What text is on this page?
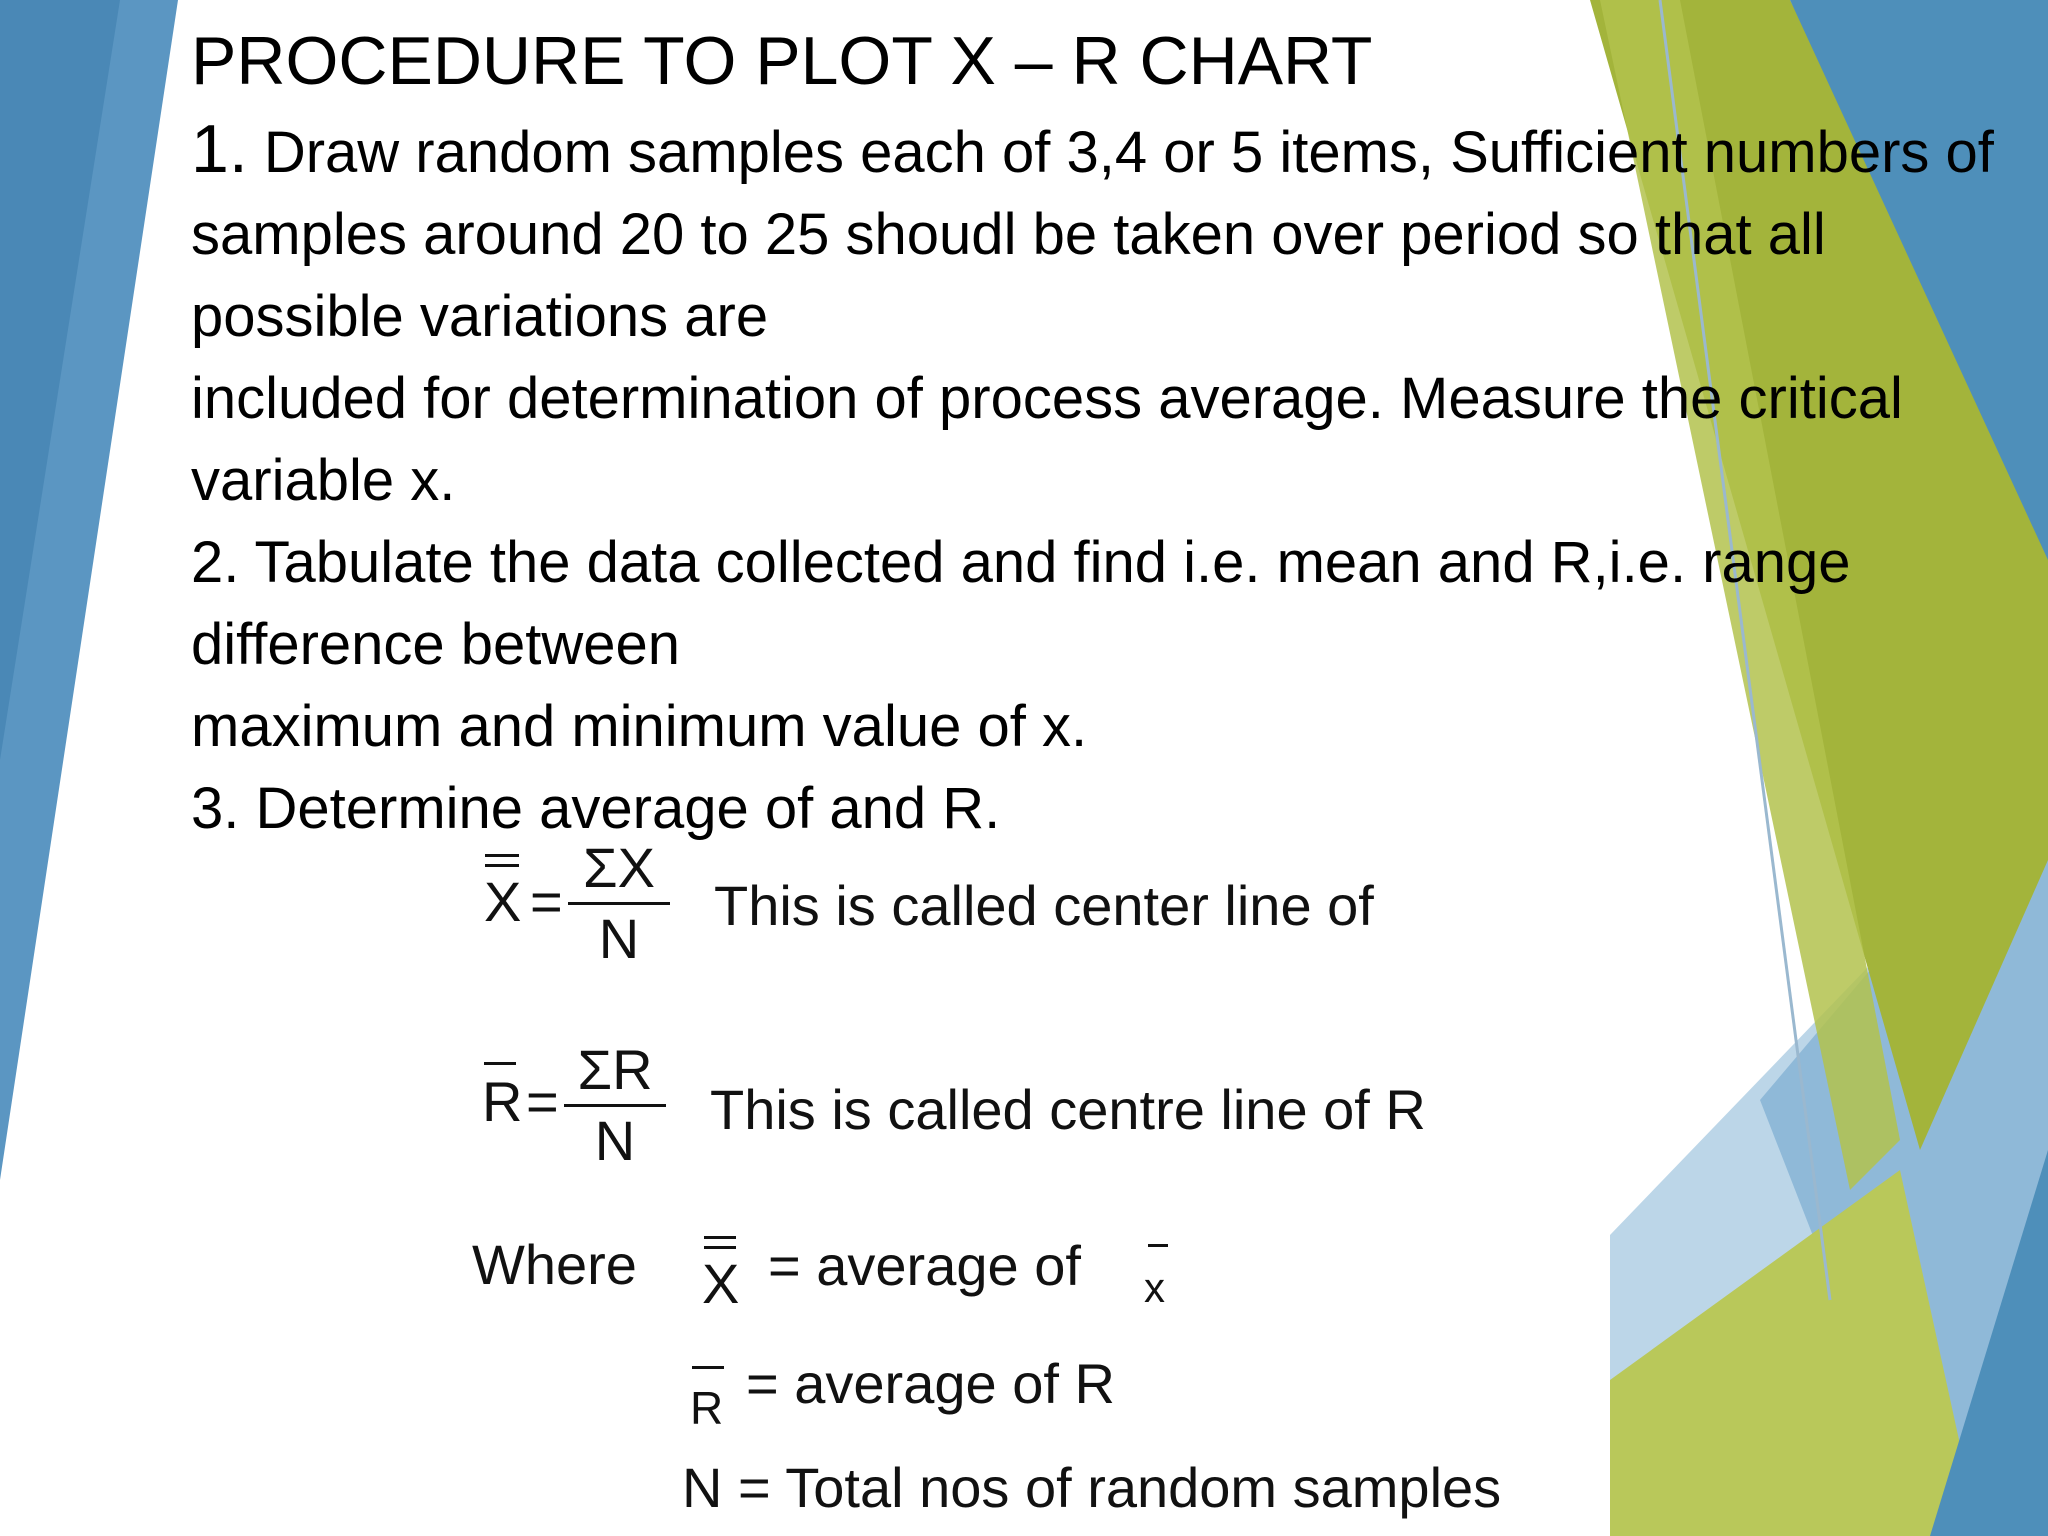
PROCEDURE TO PLOT X – R CHART

1. Draw random samples each of 3,4 or 5 items, Sufficient numbers of samples around 20 to 25 shoudl be taken over period so that all possible variations are

included for determination of process average. Measure the critical variable x.

2. Tabulate the data collected and find i.e. mean and R,i.e. range difference between

maximum and minimum value of x.

3. Determine average of and R.

X =
ΣX
N
This is called center line of
R =
ΣR
N	This is called centre line of R
Where X = average of x
R = average of R
N = Total nos of random samples
